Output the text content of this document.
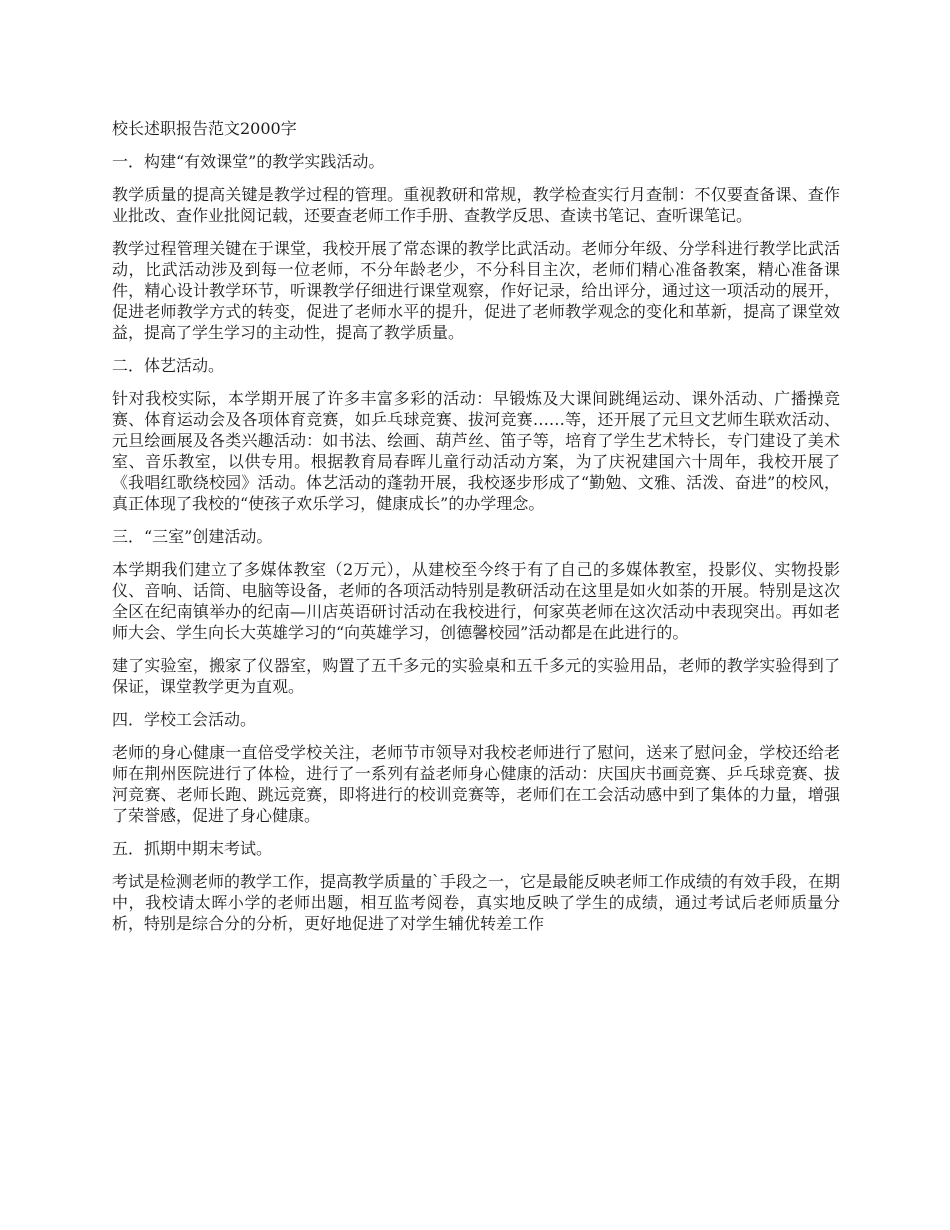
校长述职报告范文2000字
一．构建“有效课堂”的教学实践活动。

教学质量的提高关键是教学过程的管理。重视教研和常规，教学检查实行月查制：不仅要查备课、查作业批改、查作业批阅记载，还要查老师工作手册、查教学反思、查读书笔记、查听课笔记。

教学过程管理关键在于课堂，我校开展了常态课的教学比武活动。老师分年级、分学科进行教学比武活动，比武活动涉及到每一位老师，不分年龄老少，不分科目主次，老师们精心准备教案，精心准备课件，精心设计教学环节，听课教学仔细进行课堂观察，作好记录，给出评分，通过这一项活动的展开，促进老师教学方式的转变，促进了老师水平的提升，促进了老师教学观念的变化和革新，提高了课堂效益，提高了学生学习的主动性，提高了教学质量。

二．体艺活动。

针对我校实际，本学期开展了许多丰富多彩的活动：早锻炼及大课间跳绳运动、课外活动、广播操竞赛、体育运动会及各项体育竞赛，如乒乓球竞赛、拔河竞赛……等，还开展了元旦文艺师生联欢活动、元旦绘画展及各类兴趣活动：如书法、绘画、葫芦丝、笛子等，培育了学生艺术特长，专门建设了美术室、音乐教室，以供专用。根据教育局春晖儿童行动活动方案，为了庆祝建国六十周年，我校开展了《我唱红歌绕校园》活动。体艺活动的蓬勃开展，我校逐步形成了“勤勉、文雅、活泼、奋进”的校风，真正体现了我校的“使孩子欢乐学习，健康成长”的办学理念。

三．“三室”创建活动。

本学期我们建立了多媒体教室（2万元），从建校至今终于有了自己的多媒体教室，投影仪、实物投影仪、音响、话筒、电脑等设备，老师的各项活动特别是教研活动在这里是如火如荼的开展。特别是这次全区在纪南镇举办的纪南—川店英语研讨活动在我校进行，何家英老师在这次活动中表现突出。再如老师大会、学生向长大英雄学习的“向英雄学习，创德馨校园”活动都是在此进行的。

建了实验室，搬家了仪器室，购置了五千多元的实验桌和五千多元的实验用品，老师的教学实验得到了保证，课堂教学更为直观。

四．学校工会活动。

老师的身心健康一直倍受学校关注，老师节市领导对我校老师进行了慰问，送来了慰问金，学校还给老师在荆州医院进行了体检，进行了一系列有益老师身心健康的活动：庆国庆书画竞赛、乒乓球竞赛、拔河竞赛、老师长跑、跳远竞赛，即将进行的校训竞赛等，老师们在工会活动感中到了集体的力量，增强了荣誉感，促进了身心健康。

五．抓期中期末考试。

考试是检测老师的教学工作，提高教学质量的`手段之一，它是最能反映老师工作成绩的有效手段，在期中，我校请太晖小学的老师出题，相互监考阅卷，真实地反映了学生的成绩，通过考试后老师质量分析，特别是综合分的分析，更好地促进了对学生辅优转差工作
